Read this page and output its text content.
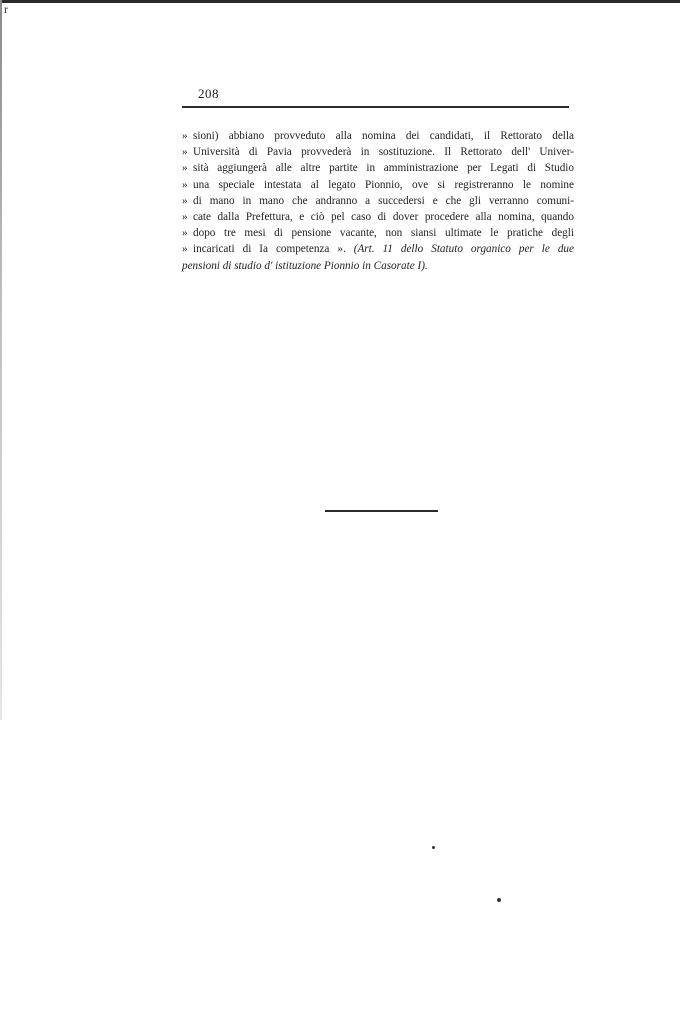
r
208
» sioni) abbiano provveduto alla nomina dei candidati, il Rettorato della
» Università di Pavia provvederà in sostituzione. Il Rettorato dell' Univer-
» sità aggiungerà alle altre partite in amministrazione per Legati di Studio
» una speciale intestata al legato Pionnio, ove si registreranno le nomine
» di mano in mano che andranno a succedersi e che gli verranno comuni-
» cate dalla Prefettura, e ciò pel caso di dover procedere alla nomina, quando
» dopo tre mesi di pensione vacante, non siansi ultimate le pratiche degli
» incaricati di Ia competenza ». (Art. 11 dello Statuto organico per le due
pensioni di studio d' istituzione Pionnio in Casorate I).
